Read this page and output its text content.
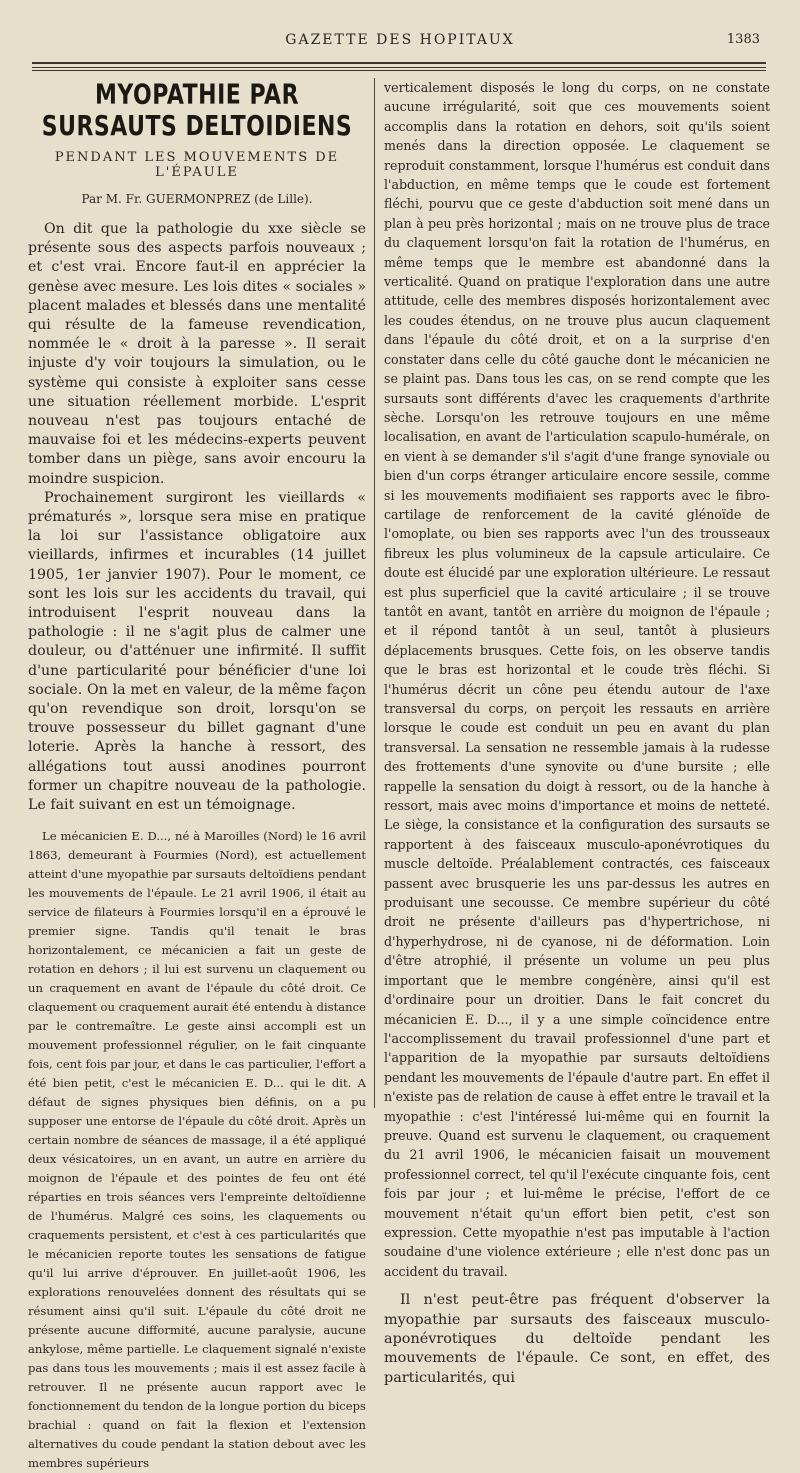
GAZETTE DES HOPITAUX	1383
MYOPATHIE PAR SURSAUTS DELTOIDIENS
PENDANT LES MOUVEMENTS DE L'ÉPAULE
Par M. Fr. GUERMONPREZ (de Lille).

On dit que la pathologie du xxe siècle se présente sous des aspects parfois nouveaux ; et c'est vrai. Encore faut-il en apprécier la genèse avec mesure. Les lois dites « sociales » placent malades et blessés dans une mentalité qui résulte de la fameuse revendication, nommée le « droit à la paresse ». Il serait injuste d'y voir toujours la simulation, ou le système qui consiste à exploiter sans cesse une situation réellement morbide. L'esprit nouveau n'est pas toujours entaché de mauvaise foi et les médecins-experts peuvent tomber dans un piège, sans avoir encouru la moindre suspicion.

Prochainement surgiront les vieillards « prématurés », lorsque sera mise en pratique la loi sur l'assistance obligatoire aux vieillards, infirmes et incurables (14 juillet 1905, 1er janvier 1907). Pour le moment, ce sont les lois sur les accidents du travail, qui introduisent l'esprit nouveau dans la pathologie : il ne s'agit plus de calmer une douleur, ou d'atténuer une infirmité. Il suffit d'une particularité pour bénéficier d'une loi sociale. On la met en valeur, de la même façon qu'on revendique son droit, lorsqu'on se trouve possesseur du billet gagnant d'une loterie. Après la hanche à ressort, des allégations tout aussi anodines pourront former un chapitre nouveau de la pathologie. Le fait suivant en est un témoignage.

Le mécanicien E. D..., né à Maroilles (Nord) le 16 avril 1863, demeurant à Fourmies (Nord), est actuellement atteint d'une myopathie par sursauts deltoïdiens pendant les mouvements de l'épaule. Le 21 avril 1906, il était au service de filateurs à Fourmies lorsqu'il en a éprouvé le premier signe. Tandis qu'il tenait le bras horizontalement, ce mécanicien a fait un geste de rotation en dehors ; il lui est survenu un claquement ou un craquement en avant de l'épaule du côté droit. Ce claquement ou craquement aurait été entendu à distance par le contremaître. Le geste ainsi accompli est un mouvement professionnel régulier, on le fait cinquante fois, cent fois par jour, et dans le cas particulier, l'effort a été bien petit, c'est le mécanicien E. D... qui le dit. A défaut de signes physiques bien définis, on a pu supposer une entorse de l'épaule du côté droit. Après un certain nombre de séances de massage, il a été appliqué deux vésicatoires, un en avant, un autre en arrière du moignon de l'épaule et des pointes de feu ont été réparties en trois séances vers l'empreinte deltoïdienne de l'humérus. Malgré ces soins, les claquements ou craquements persistent, et c'est à ces particularités que le mécanicien reporte toutes les sensations de fatigue qu'il lui arrive d'éprouver. En juillet-août 1906, les explorations renouvelées donnent des résultats qui se résument ainsi qu'il suit. L'épaule du côté droit ne présente aucune difformité, aucune paralysie, aucune ankylose, même partielle. Le claquement signalé n'existe pas dans tous les mouvements ; mais il est assez facile à retrouver. Il ne présente aucun rapport avec le fonctionnement du tendon de la longue portion du biceps brachial : quand on fait la flexion et l'extension alternatives du coude pendant la station debout avec les membres supérieurs

verticalement disposés le long du corps, on ne constate aucune irrégularité, soit que ces mouvements soient accomplis dans la rotation en dehors, soit qu'ils soient menés dans la direction opposée. Le claquement se reproduit constamment, lorsque l'humérus est conduit dans l'abduction, en même temps que le coude est fortement fléchi, pourvu que ce geste d'abduction soit mené dans un plan à peu près horizontal ; mais on ne trouve plus de trace du claquement lorsqu'on fait la rotation de l'humérus, en même temps que le membre est abandonné dans la verticalité. Quand on pratique l'exploration dans une autre attitude, celle des membres disposés horizontalement avec les coudes étendus, on ne trouve plus aucun claquement dans l'épaule du côté droit, et on a la surprise d'en constater dans celle du côté gauche dont le mécanicien ne se plaint pas. Dans tous les cas, on se rend compte que les sursauts sont différents d'avec les craquements d'arthrite sèche. Lorsqu'on les retrouve toujours en une même localisation, en avant de l'articulation scapulo-humérale, on en vient à se demander s'il s'agit d'une frange synoviale ou bien d'un corps étranger articulaire encore sessile, comme si les mouvements modifiaient ses rapports avec le fibro-cartilage de renforcement de la cavité glénoïde de l'omoplate, ou bien ses rapports avec l'un des trousseaux fibreux les plus volumineux de la capsule articulaire. Ce doute est élucidé par une exploration ultérieure. Le ressaut est plus superficiel que la cavité articulaire ; il se trouve tantôt en avant, tantôt en arrière du moignon de l'épaule ; et il répond tantôt à un seul, tantôt à plusieurs déplacements brusques. Cette fois, on les observe tandis que le bras est horizontal et le coude très fléchi. Si l'humérus décrit un cône peu étendu autour de l'axe transversal du corps, on perçoit les ressauts en arrière lorsque le coude est conduit un peu en avant du plan transversal. La sensation ne ressemble jamais à la rudesse des frottements d'une synovite ou d'une bursite ; elle rappelle la sensation du doigt à ressort, ou de la hanche à ressort, mais avec moins d'importance et moins de netteté. Le siège, la consistance et la configuration des sursauts se rapportent à des faisceaux musculo-aponévrotiques du muscle deltoïde. Préalablement contractés, ces faisceaux passent avec brusquerie les uns par-dessus les autres en produisant une secousse. Ce membre supérieur du côté droit ne présente d'ailleurs pas d'hypertrichose, ni d'hyperhydrose, ni de cyanose, ni de déformation. Loin d'être atrophié, il présente un volume un peu plus important que le membre congénère, ainsi qu'il est d'ordinaire pour un droitier. Dans le fait concret du mécanicien E. D..., il y a une simple coïncidence entre l'accomplissement du travail professionnel d'une part et l'apparition de la myopathie par sursauts deltoïdiens pendant les mouvements de l'épaule d'autre part. En effet il n'existe pas de relation de cause à effet entre le travail et la myopathie : c'est l'intéressé lui-même qui en fournit la preuve. Quand est survenu le claquement, ou craquement du 21 avril 1906, le mécanicien faisait un mouvement professionnel correct, tel qu'il l'exécute cinquante fois, cent fois par jour ; et lui-même le précise, l'effort de ce mouvement n'était qu'un effort bien petit, c'est son expression. Cette myopathie n'est pas imputable à l'action soudaine d'une violence extérieure ; elle n'est donc pas un accident du travail.

Il n'est peut-être pas fréquent d'observer la myopathie par sursauts des faisceaux musculo-aponévrotiques du deltoïde pendant les mouvements de l'épaule. Ce sont, en effet, des particularités, qui
